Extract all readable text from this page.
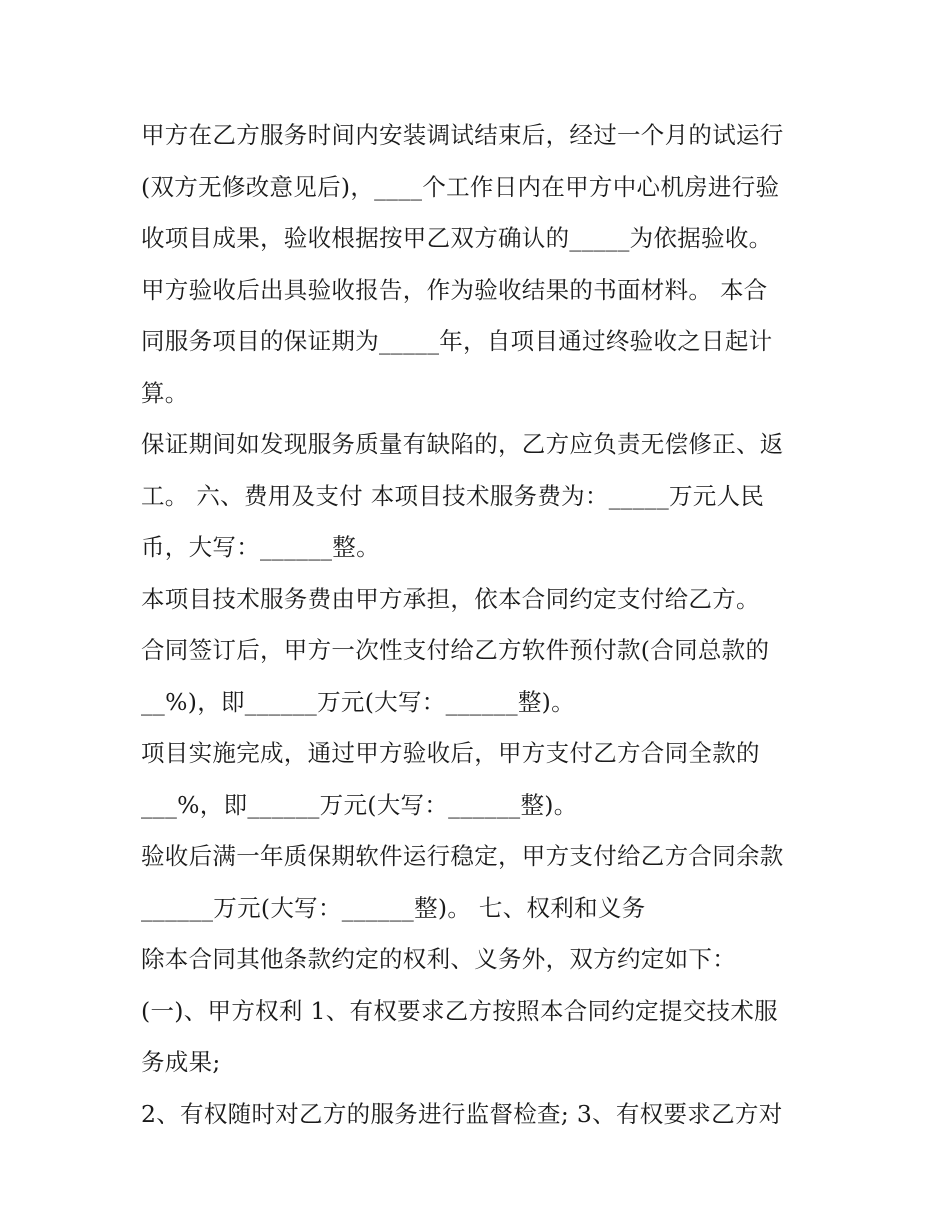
甲方在乙方服务时间内安装调试结束后，经过一个月的试运行
(双方无修改意见后)，____个工作日内在甲方中心机房进行验
收项目成果，验收根据按甲乙双方确认的_____为依据验收。
甲方验收后出具验收报告，作为验收结果的书面材料。 本合
同服务项目的保证期为_____年，自项目通过终验收之日起计
算。
保证期间如发现服务质量有缺陷的，乙方应负责无偿修正、返
工。 六、费用及支付 本项目技术服务费为：_____万元人民
币，大写：______整。
本项目技术服务费由甲方承担，依本合同约定支付给乙方。
合同签订后，甲方一次性支付给乙方软件预付款(合同总款的
__%)，即______万元(大写：______整)。
项目实施完成，通过甲方验收后，甲方支付乙方合同全款的
___%，即______万元(大写：______整)。
验收后满一年质保期软件运行稳定，甲方支付给乙方合同余款
______万元(大写：______整)。 七、权利和义务
除本合同其他条款约定的权利、义务外，双方约定如下：
(一)、甲方权利 1、有权要求乙方按照本合同约定提交技术服
务成果;
2、有权随时对乙方的服务进行监督检查; 3、有权要求乙方对
